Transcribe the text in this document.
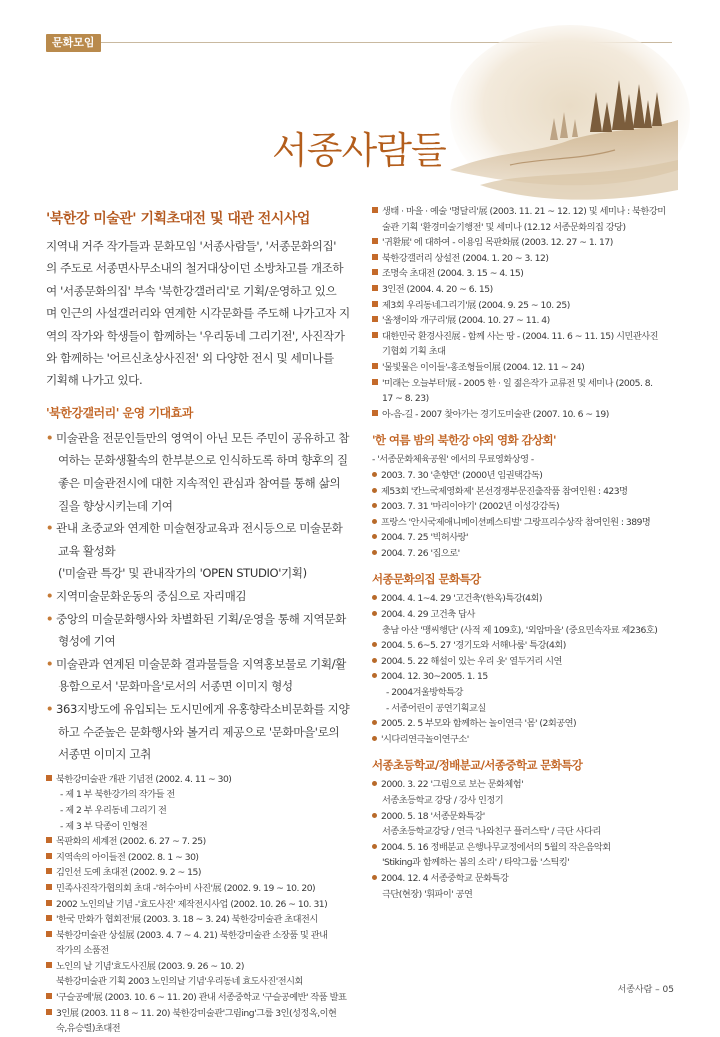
문화모임
서종사람들
'북한강 미술관' 기획초대전 및 대관 전시사업
지역내 거주 작가들과 문화모임 '서종사람들', '서종문화의집'
의 주도로 서종면사무소내의 철거대상이던 소방차고를 개조하
여 '서종문화의집' 부속 '북한강갤러리'로 기획/운영하고 있으
며 인근의 사설갤러리와 연계한 시각문화를 주도해 나가고자 지
역의 작가와 학생들이 함께하는 '우리동네 그리기전', 사진작가
와 함께하는 '어르신초상사진전' 외 다양한 전시 및 세미나를
기획해 나가고 있다.
'북한강갤러리' 운영 기대효과
• 미술관을 전문인들만의 영역이 아닌 모든 주민이 공유하고 참
여하는 문화생활속의 한부분으로 인식하도록 하며 향후의 질
좋은 미술관전시에 대한 지속적인 관심과 참여를 통해 삶의
질을 향상시키는데 기여
• 관내 초중교와 연계한 미술현장교육과 전시등으로 미술문화
교육 활성화
('미술관 특강' 및 관내작가의 'OPEN STUDIO'기획)
• 지역미술문화운동의 중심으로 자리매김
• 중앙의 미술문화행사와 차별화된 기획/운영을 통해 지역문화
형성에 기여
• 미술관과 연계된 미술문화 결과물들을 지역홍보물로 기획/활
용함으로서 '문화마을'로서의 서종면 이미지 형성
• 363지방도에 유입되는 도시민에게 유홍향락소비문화를 지양
하고 수준높은 문화행사와 볼거리 제공으로 '문화마을'로의
서종면 이미지 고취
북한강미술관 개관 기념전 (2002. 4. 11 ~ 30)
- 제 1 부 북한강가의 작가들 전
- 제 2 부 우리동네 그리기 전
- 제 3 부 닥종이 인형전
목판화의 세계전 (2002. 6. 27 ~ 7. 25)
지역속의 아이들전 (2002. 8. 1 ~ 30)
김인선 도예 초대전 (2002. 9. 2 ~ 15)
민족사진작가협의회 초대 -'허수아비 사진'展 (2002. 9. 19 ~ 10. 20)
2002 노인의날 기념 -'효도사진' 제작전시사업 (2002. 10. 26 ~ 10. 31)
'한국 만화가 협회전'展 (2003. 3. 18 ~ 3. 24) 북한강미술관 초대전시
북한강미술관 상설展 (2003. 4. 7 ~ 4. 21) 북한강미술관 소장품 및 관내
작가의 소품전
노인의 날 기념'효도사진展 (2003. 9. 26 ~ 10. 2)
북한강미술관 기획 2003 노인의날 기념'우리동네 효도사진'전시회
'구슬공예'展 (2003. 10. 6 ~ 11. 20) 관내 서종중학교 '구슬공예반' 작품 발표
3인展 (2003. 11 8 ~ 11. 20) 북한강미술관'그림ing'그룹 3인(성정옥,이현
숙,유승렬)초대전
생태 · 마을 · 예술 '명달리'展 (2003. 11. 21 ~ 12. 12) 및 세미나 : 북한강미
술관 기획 '환경미술기행전' 및 세미나 (12.12 서종문화의집 강당)
'귀환展' 에 대하여 - 이용임 목판화展 (2003. 12. 27 ~ 1. 17)
북한강갤러리 상설전 (2004. 1. 20 ~ 3. 12)
조명숙 초대전 (2004. 3. 15 ~ 4. 15)
3인전 (2004. 4. 20 ~ 6. 15)
제3회 우리동네그리기'展 (2004. 9. 25 ~ 10. 25)
'올챙이와 개구리'展 (2004. 10. 27 ~ 11. 4)
대한민국 환경사진展 - 함께 사는 땅 - (2004. 11. 6 ~ 11. 15) 시민관사진
기협회 기획 초대
'물빛물은 이이들'-홍조형들이展 (2004. 12. 11 ~ 24)
'미래는 오늘부터'展 - 2005 한 · 일 젊은작가 교류전 및 세미나 (2005. 8.
17 ~ 8. 23)
아-음-길 - 2007 찾아가는 경기도미술관 (2007. 10. 6 ~ 19)
'한 여름 밤의 북한강 야외 영화 감상회'
- '서종문화체육공원' 에서의 무료영화상영 -
2003. 7. 30 '춘향뎐' (2000년 임권택감독)
제53회 '칸느국제영화제' 본선경쟁부문진출작품 참여인원 : 423명
2003. 7. 31 '마리이야기' (2002년 이성강감독)
프랑스 '안시국제애니메이션페스티벌' 그랑프리수상작 참여인원 : 389명
2004. 7. 25 '빅허사랑'
2004. 7. 26 '집으로'
서종문화의집 문화특강
2004. 4. 1~4. 29 '고건축'(한옥)특강(4회)
2004. 4. 29 고건축 답사
충남 아산 '맹씨행단' (사적 제 109호), '외암마을' (중요민속자료 제236호)
2004. 5. 6~5. 27 '경기도와 서해나룸' 특강(4회)
2004. 5. 22 해설이 있는 우리 옷' 열두거리 시연
2004. 12. 30~2005. 1. 15
- 2004겨울방학특강
- 서종어린이 공연기획교실
2005. 2. 5 부모와 함께하는 놀이연극 '몸' (2회공연)
'시다리연극놀이연구소'
서종초등학교/정배분교/서종중학교 문화특강
2000. 3. 22 '그림으로 보는 문화체험'
서종초등학교 강당 / 강사 인정기
2000. 5. 18 '서종문화특강'
서종초등학교강당 / 연극 '나와친구 플러스탁' / 극단 사다리
2004. 5. 16 정배분교 은행나무교정에서의 5월의 작은음악회
'Stiking과 함께하는 봄의 소리' / 타악그룹 '스틱킹'
2004. 12. 4 서종중학교 문화특강
극단(현장) '휘파이' 공연
서종사람 – 05
